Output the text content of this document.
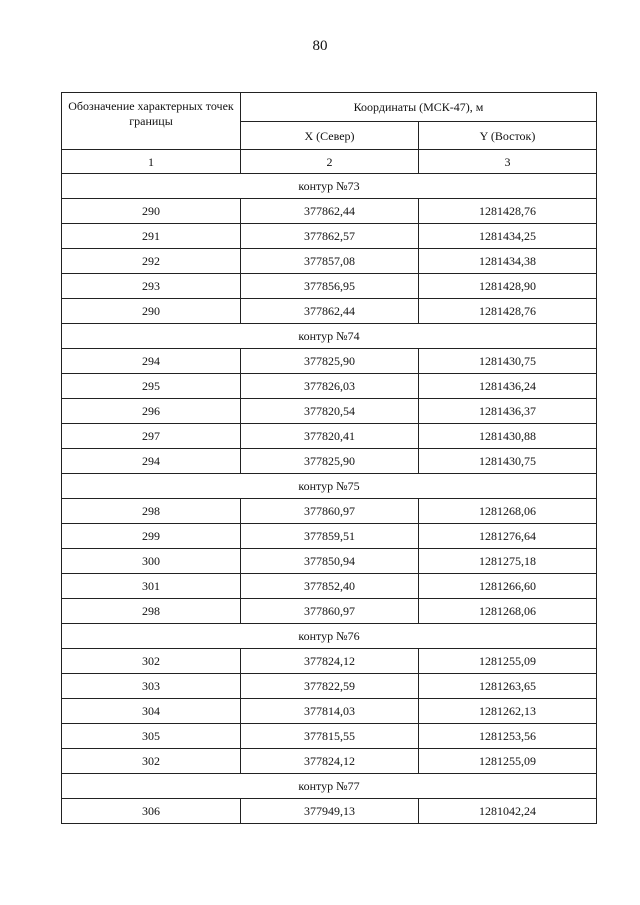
80
Обозначение характерных точек границы	Координаты (МСК-47), м	
	X (Север)	Y (Восток)
1	2	3
контур №73		
290	377862,44	1281428,76
291	377862,57	1281434,25
292	377857,08	1281434,38
293	377856,95	1281428,90
290	377862,44	1281428,76
контур №74		
294	377825,90	1281430,75
295	377826,03	1281436,24
296	377820,54	1281436,37
297	377820,41	1281430,88
294	377825,90	1281430,75
контур №75		
298	377860,97	1281268,06
299	377859,51	1281276,64
300	377850,94	1281275,18
301	377852,40	1281266,60
298	377860,97	1281268,06
контур №76		
302	377824,12	1281255,09
303	377822,59	1281263,65
304	377814,03	1281262,13
305	377815,55	1281253,56
302	377824,12	1281255,09
контур №77		
306	377949,13	1281042,24
